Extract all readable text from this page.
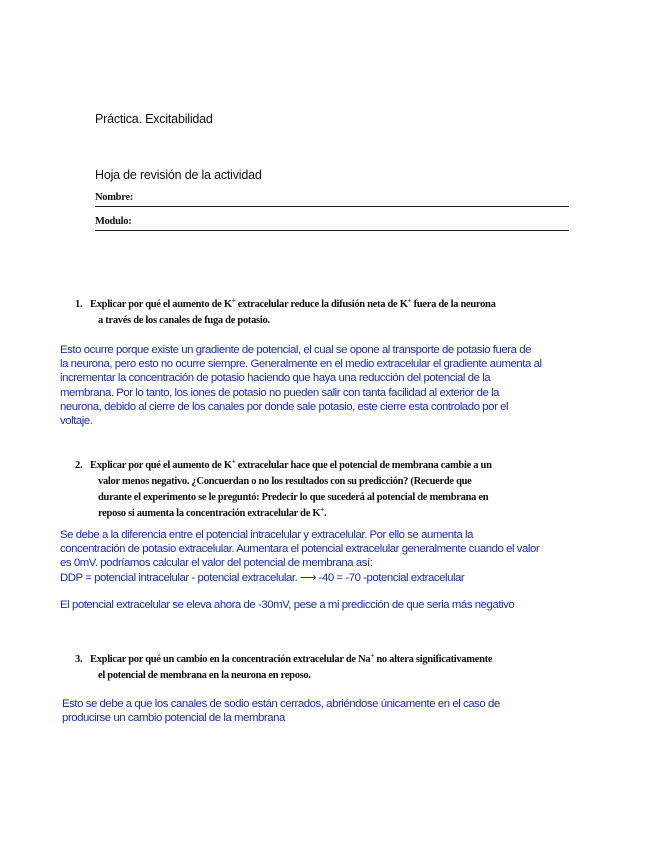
Práctica. Excitabilidad
Hoja de revisión de la actividad
Nombre:
Modulo:
1. Explicar por qué el aumento de K+ extracelular reduce la difusión neta de K+ fuera de la neurona
a través de los canales de fuga de potasio.
Esto ocurre porque existe un gradiente de potencial, el cual se opone al transporte de potasio fuera de
la neurona, pero esto no ocurre siempre. Generalmente en el medio extracelular el gradiente aumenta al
incrementar la concentración de potasio haciendo que haya una reducción del potencial de la
membrana. Por lo tanto, los iones de potasio no pueden salir con tanta facilidad al exterior de la
neurona, debido al cierre de los canales por donde sale potasio, este cierre esta controlado por el
voltaje.
2. Explicar por qué el aumento de K+ extracelular hace que el potencial de membrana cambie a un
valor menos negativo. ¿Concuerdan o no los resultados con su predicción? (Recuerde que
durante el experimento se le preguntó: Predecir lo que sucederá al potencial de membrana en
reposo si aumenta la concentración extracelular de K+.
Se debe a la diferencia entre el potencial intracelular y extracelular. Por ello se aumenta la
concentración de potasio extracelular. Aumentara el potencial extracelular generalmente cuando el valor
es 0mV. podríamos calcular el valor del potencial de membrana así:
DDP = potencial intracelular - potencial extracelular. ⟶ -40 = -70 -potencial extracelular
El potencial extracelular se eleva ahora de -30mV, pese a mi predicción de que seria más negativo
3. Explicar por qué un cambio en la concentración extracelular de Na+ no altera significativamente
el potencial de membrana en la neurona en reposo.
Esto se debe a que los canales de sodio están cerrados, abriéndose únicamente en el caso de
producirse un cambio potencial de la membrana
